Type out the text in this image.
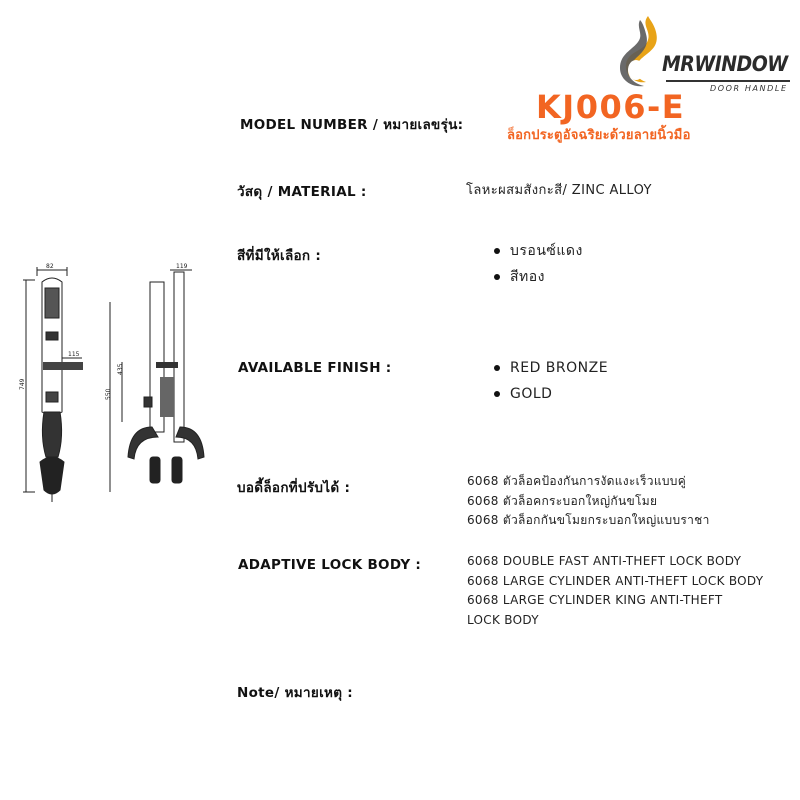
MRWINDOW
DOOR HANDLE
MODEL NUMBER / หมายเลขรุ่น: KJ006-E
ล็อกประตูอัจฉริยะด้วยลายนิ้วมือ
วัสดุ / MATERIAL :	โลหะผสมสังกะสี/ ZINC ALLOY
สีที่มีให้เลือก :	บรอนซ์แดง
สีทอง
AVAILABLE FINISH :	RED BRONZE
GOLD
บอดี้ล็อกที่ปรับได้ :	6068 ตัวล็อคป้องกันการงัดแงะเร็วแบบคู่
6068 ตัวล็อคกระบอกใหญ่กันขโมย
6068 ตัวล็อกกันขโมยกระบอกใหญ่แบบราชา
ADAPTIVE LOCK BODY :	6068 DOUBLE FAST ANTI-THEFT LOCK BODY
6068 LARGE CYLINDER ANTI-THEFT LOCK BODY
6068 LARGE CYLINDER KING ANTI-THEFT
LOCK BODY
Note/ หมายเหตุ :
82
749
115
119
550
435
